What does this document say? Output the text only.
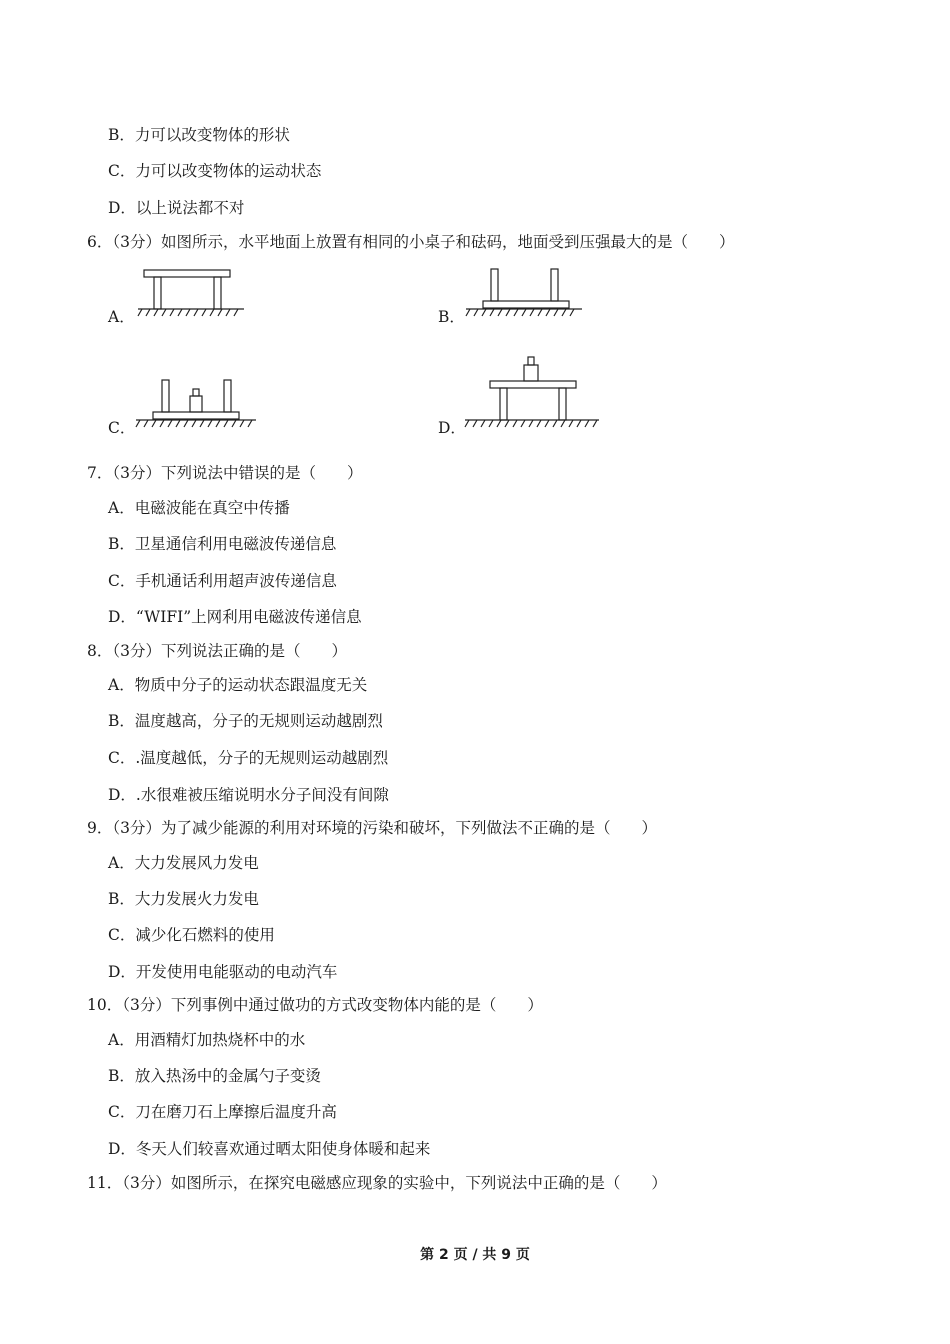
B．力可以改变物体的形状
C．力可以改变物体的运动状态
D．以上说法都不对
6．（3分）如图所示，水平地面上放置有相同的小桌子和砝码，地面受到压强最大的是（　　）
A．	B．
C．	D．
7．（3分）下列说法中错误的是（　　）
A．电磁波能在真空中传播
B．卫星通信利用电磁波传递信息
C．手机通话利用超声波传递信息
D．“WIFI”上网利用电磁波传递信息
8．（3分）下列说法正确的是（　　）
A．物质中分子的运动状态跟温度无关
B．温度越高，分子的无规则运动越剧烈
C．.温度越低，分子的无规则运动越剧烈
D．.水很难被压缩说明水分子间没有间隙
9．（3分）为了减少能源的利用对环境的污染和破坏，下列做法不正确的是（　　）
A．大力发展风力发电
B．大力发展火力发电
C．减少化石燃料的使用
D．开发使用电能驱动的电动汽车
10．（3分）下列事例中通过做功的方式改变物体内能的是（　　）
A．用酒精灯加热烧杯中的水
B．放入热汤中的金属勺子变烫
C．刀在磨刀石上摩擦后温度升高
D．冬天人们较喜欢通过晒太阳使身体暖和起来
11．（3分）如图所示，在探究电磁感应现象的实验中，下列说法中正确的是（　　）
第 2 页 / 共 9 页
